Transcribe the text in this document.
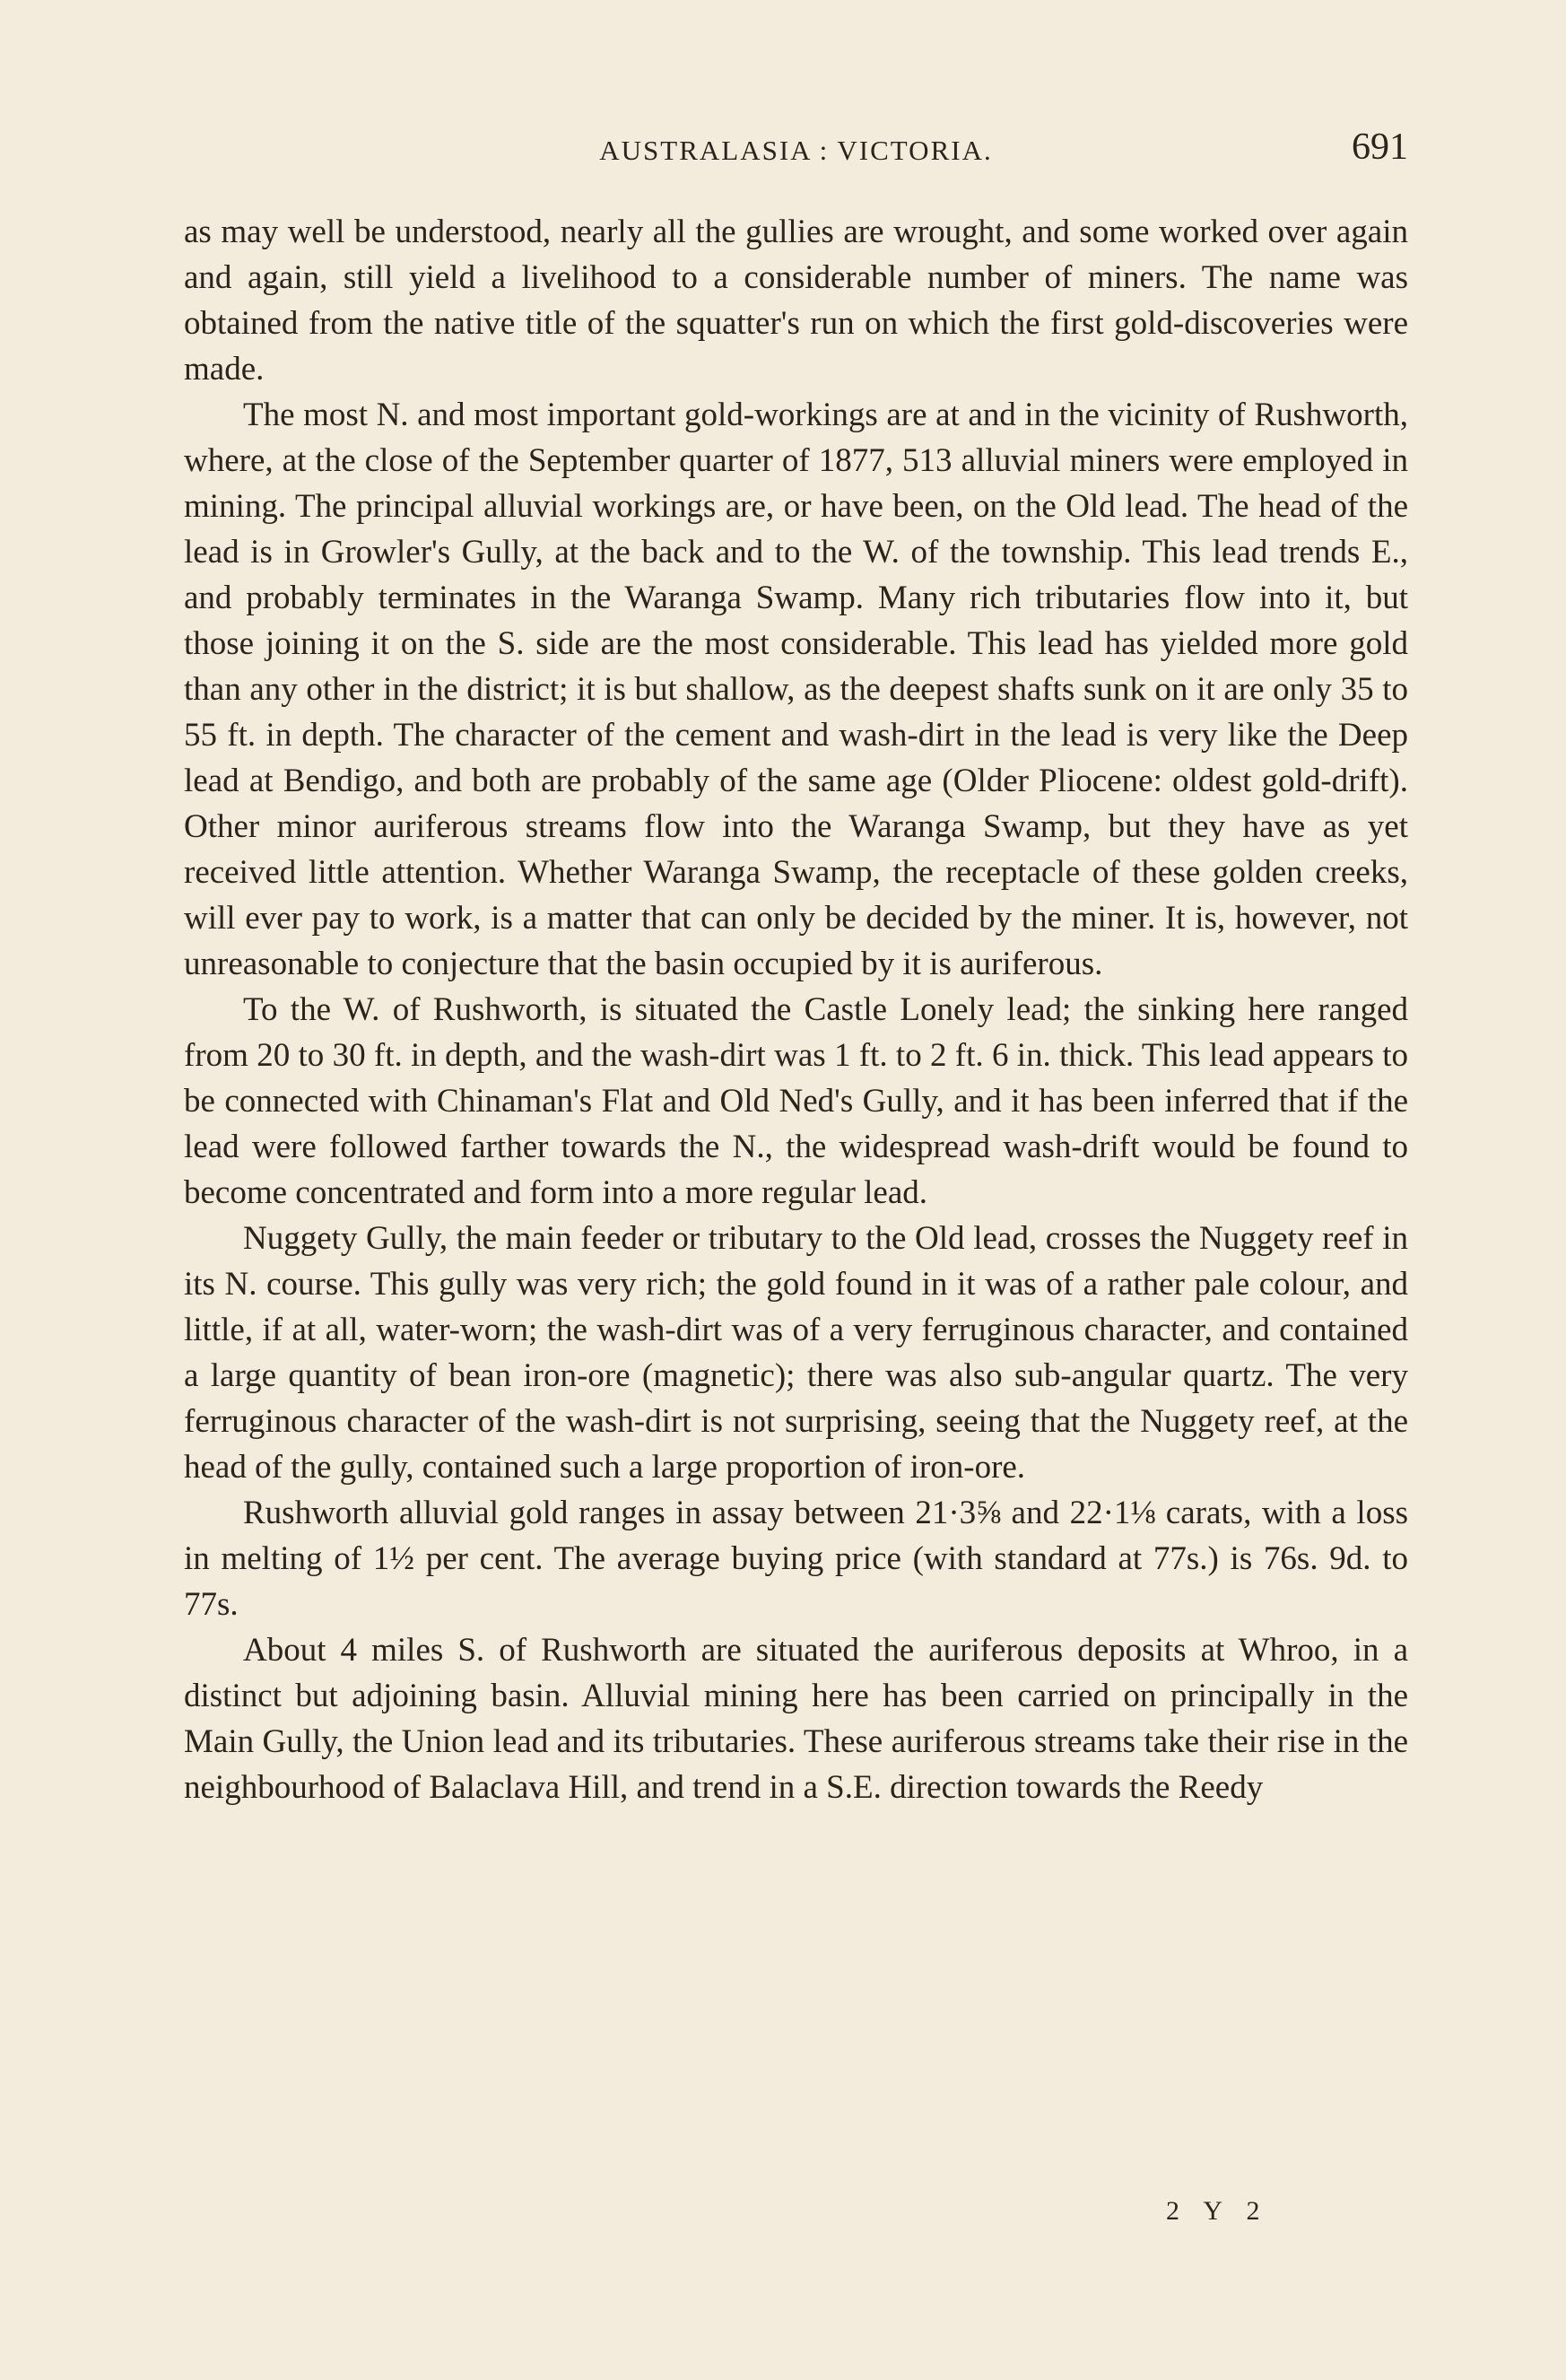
AUSTRALASIA : VICTORIA.	691

as may well be understood, nearly all the gullies are wrought, and some worked over again and again, still yield a livelihood to a considerable number of miners. The name was obtained from the native title of the squatter's run on which the first gold-discoveries were made.

The most N. and most important gold-workings are at and in the vicinity of Rushworth, where, at the close of the September quarter of 1877, 513 alluvial miners were employed in mining. The principal alluvial workings are, or have been, on the Old lead. The head of the lead is in Growler's Gully, at the back and to the W. of the township. This lead trends E., and probably terminates in the Waranga Swamp. Many rich tributaries flow into it, but those joining it on the S. side are the most considerable. This lead has yielded more gold than any other in the district; it is but shallow, as the deepest shafts sunk on it are only 35 to 55 ft. in depth. The character of the cement and wash-dirt in the lead is very like the Deep lead at Bendigo, and both are probably of the same age (Older Pliocene: oldest gold-drift). Other minor auriferous streams flow into the Waranga Swamp, but they have as yet received little attention. Whether Waranga Swamp, the receptacle of these golden creeks, will ever pay to work, is a matter that can only be decided by the miner. It is, however, not unreasonable to conjecture that the basin occupied by it is auriferous.

To the W. of Rushworth, is situated the Castle Lonely lead; the sinking here ranged from 20 to 30 ft. in depth, and the wash-dirt was 1 ft. to 2 ft. 6 in. thick. This lead appears to be connected with Chinaman's Flat and Old Ned's Gully, and it has been inferred that if the lead were followed farther towards the N., the widespread wash-drift would be found to become concentrated and form into a more regular lead.

Nuggety Gully, the main feeder or tributary to the Old lead, crosses the Nuggety reef in its N. course. This gully was very rich; the gold found in it was of a rather pale colour, and little, if at all, water-worn; the wash-dirt was of a very ferruginous character, and contained a large quantity of bean iron-ore (magnetic); there was also sub-angular quartz. The very ferruginous character of the wash-dirt is not surprising, seeing that the Nuggety reef, at the head of the gully, contained such a large proportion of iron-ore.

Rushworth alluvial gold ranges in assay between 21·3⅝ and 22·1⅛ carats, with a loss in melting of 1½ per cent. The average buying price (with standard at 77s.) is 76s. 9d. to 77s.

About 4 miles S. of Rushworth are situated the auriferous deposits at Whroo, in a distinct but adjoining basin. Alluvial mining here has been carried on principally in the Main Gully, the Union lead and its tributaries. These auriferous streams take their rise in the neighbourhood of Balaclava Hill, and trend in a S.E. direction towards the Reedy

2 Y 2
